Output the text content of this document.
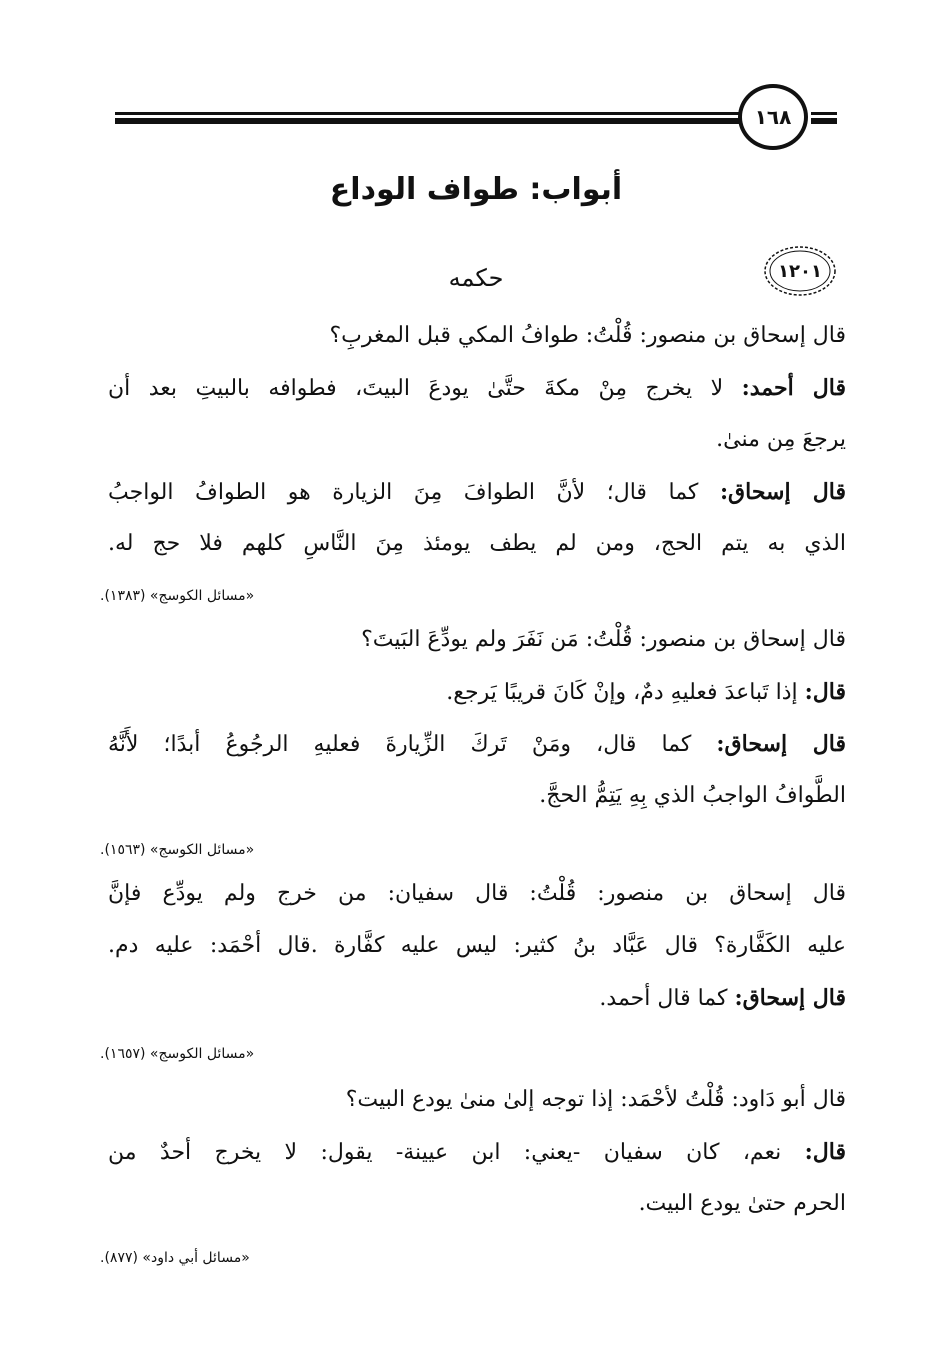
١٦٨
أبواب: طواف الوداع
١٢٠١
حكمه
قال إسحاق بن منصور: قُلْتُ: طوافُ المكي قبل المغربِ؟
قال أحمد: لا يخرج مِنْ مكةَ حتَّىٰ يودعَ البيتَ، فطوافه بالبيتِ بعد أن
يرجعَ مِن منىٰ.
قال إسحاق: كما قال؛ لأنَّ الطوافَ مِنَ الزيارة هو الطوافُ الواجبُ
الذي به يتم الحج، ومن لم يطف يومئذ مِنَ النَّاسِ كلهم فلا حج له.
«مسائل الكوسج» (١٣٨٣).
قال إسحاق بن منصور: قُلْتُ: مَن نَفَرَ ولم يودِّعَ البَيتَ؟
قال: إذا تَباعدَ فعليهِ دمٌ، وإنْ كَانَ قريبًا يَرجع.
قال إسحاق: كما قال، ومَنْ تَركَ الزِّيارةَ فعليهِ الرجُوعُ أبدًا؛ لأَنَّهُ
الطَّوافُ الواجبُ الذي بِهِ يَتِمُّ الحجَّ.
«مسائل الكوسج» (١٥٦٣).
قال إسحاق بن منصور: قُلْتُ: قال سفيان: من خرج ولم يودِّع فإنَّ
عليه الكَفَّارة؟ قال عَبَّاد بنُ كثير: ليس عليه كفَّارة .قال أحْمَد: عليه دم.
قال إسحاق: كما قال أحمد.
«مسائل الكوسج» (١٦٥٧).
قال أبو دَاود: قُلْتُ لأحْمَد: إذا توجه إلىٰ منىٰ يودع البيت؟
قال: نعم، كان سفيان -يعني: ابن عيينة- يقول: لا يخرج أحدٌ من
الحرم حتىٰ يودع البيت.
«مسائل أبي داود» (٨٧٧).
